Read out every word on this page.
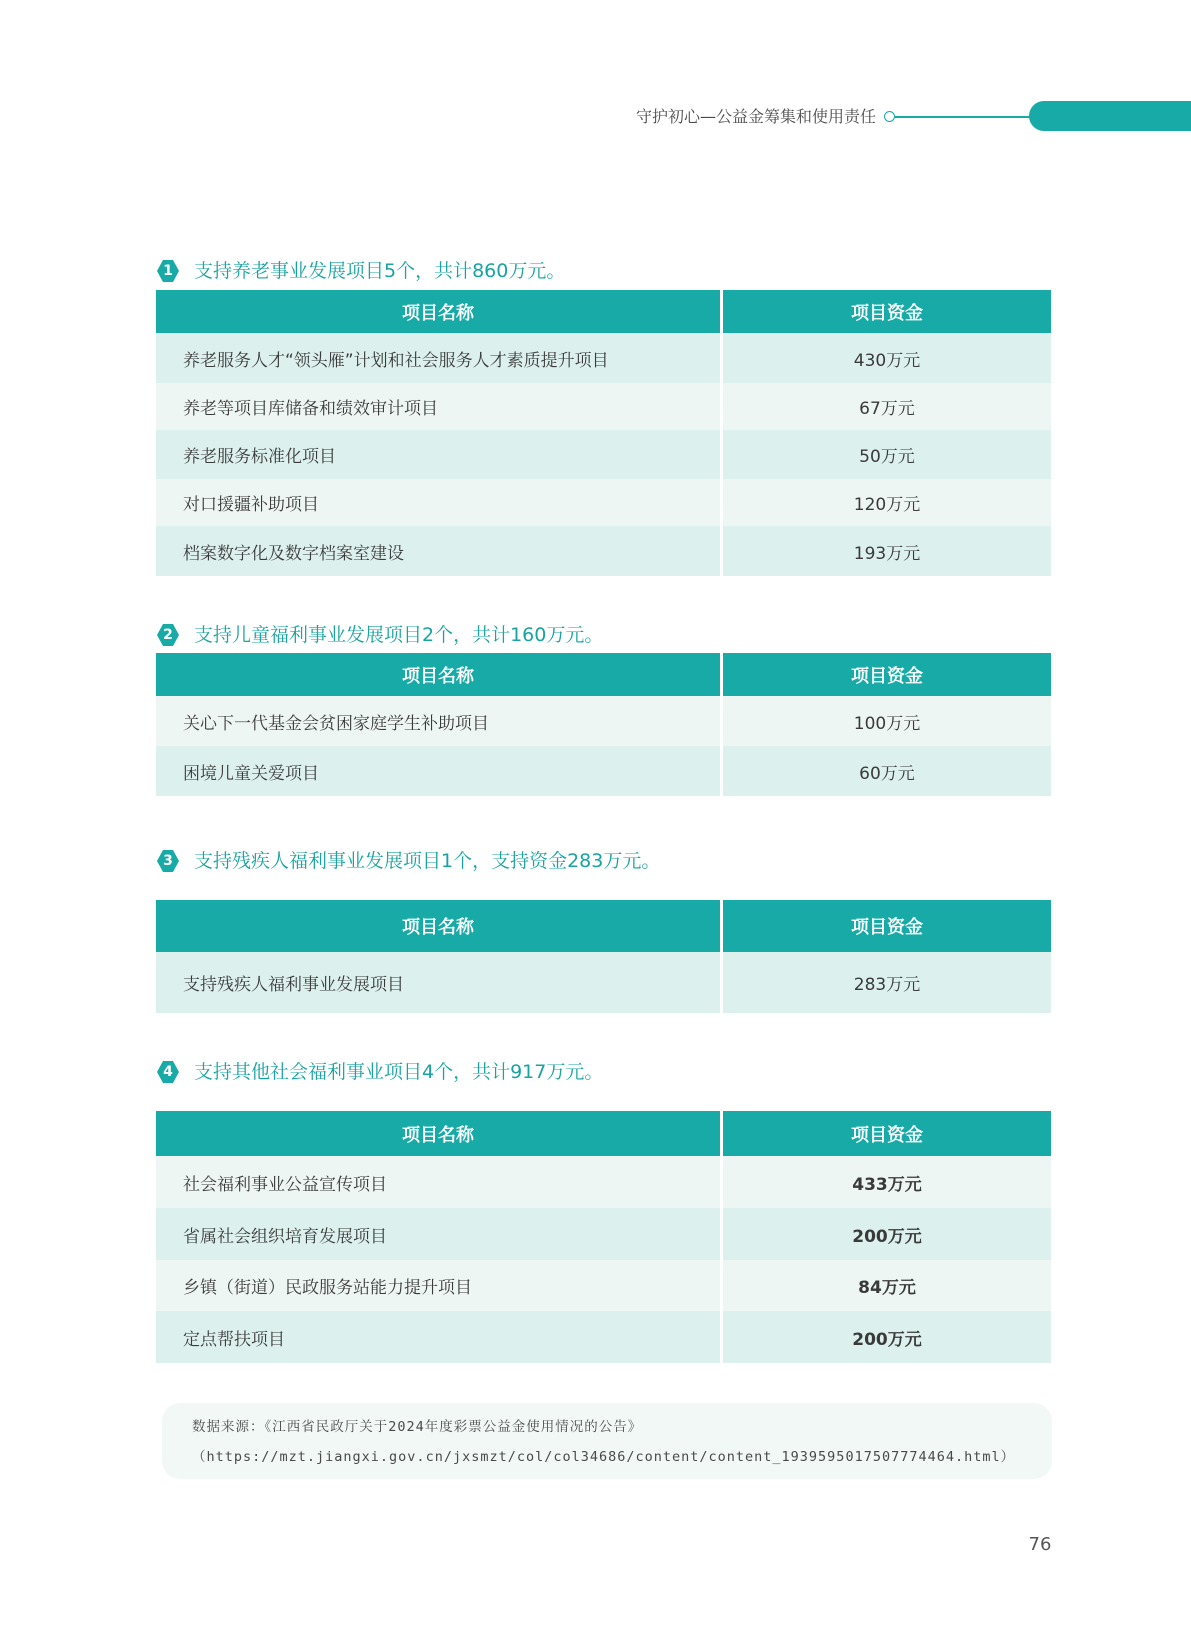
守护初心—公益金筹集和使用责任
1	支持养老事业发展项目5个，共计860万元。
项目名称	项目资金
养老服务人才“领头雁”计划和社会服务人才素质提升项目	430万元
养老等项目库储备和绩效审计项目	67万元
养老服务标准化项目	50万元
对口援疆补助项目	120万元
档案数字化及数字档案室建设	193万元
2	支持儿童福利事业发展项目2个，共计160万元。
项目名称	项目资金
关心下一代基金会贫困家庭学生补助项目	100万元
困境儿童关爱项目	60万元
3	支持残疾人福利事业发展项目1个，支持资金283万元。
项目名称	项目资金
支持残疾人福利事业发展项目	283万元
4	支持其他社会福利事业项目4个，共计917万元。
项目名称	项目资金
社会福利事业公益宣传项目	433万元
省属社会组织培育发展项目	200万元
乡镇（街道）民政服务站能力提升项目	84万元
定点帮扶项目	200万元
数据来源：《江西省民政厅关于2024年度彩票公益金使用情况的公告》
（https://mzt.jiangxi.gov.cn/jxsmzt/col/col34686/content/content_1939595017507774464.html）
76
